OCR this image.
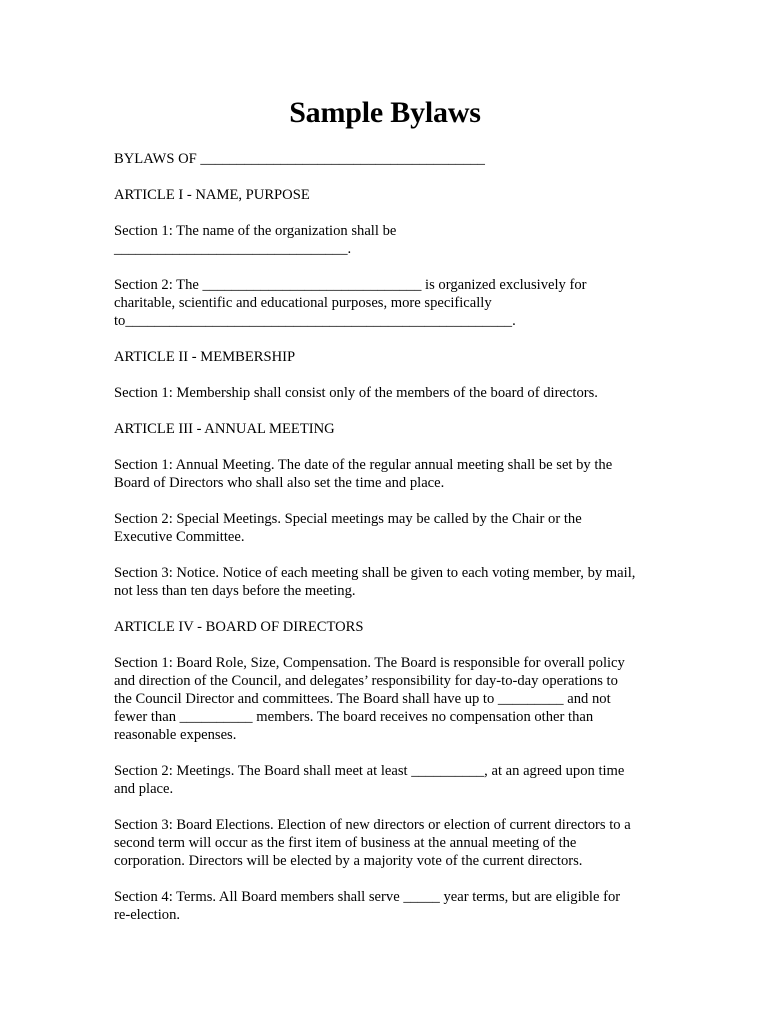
Sample Bylaws
BYLAWS OF _______________________________________
ARTICLE I - NAME, PURPOSE
Section 1: The name of the organization shall be
________________________________.
Section 2: The ______________________________ is organized exclusively for
charitable, scientific and educational purposes, more specifically
to_____________________________________________________.
ARTICLE II - MEMBERSHIP
Section 1: Membership shall consist only of the members of the board of directors.
ARTICLE III - ANNUAL MEETING
Section 1: Annual Meeting. The date of the regular annual meeting shall be set by the
Board of Directors who shall also set the time and place.
Section 2: Special Meetings. Special meetings may be called by the Chair or the
Executive Committee.
Section 3: Notice. Notice of each meeting shall be given to each voting member, by mail,
not less than ten days before the meeting.
ARTICLE IV - BOARD OF DIRECTORS
Section 1: Board Role, Size, Compensation. The Board is responsible for overall policy
and direction of the Council, and delegates’ responsibility for day-to-day operations to
the Council Director and committees. The Board shall have up to _________ and not
fewer than __________ members. The board receives no compensation other than
reasonable expenses.
Section 2: Meetings. The Board shall meet at least __________, at an agreed upon time
and place.
Section 3: Board Elections. Election of new directors or election of current directors to a
second term will occur as the first item of business at the annual meeting of the
corporation. Directors will be elected by a majority vote of the current directors.
Section 4: Terms. All Board members shall serve _____ year terms, but are eligible for
re-election.
